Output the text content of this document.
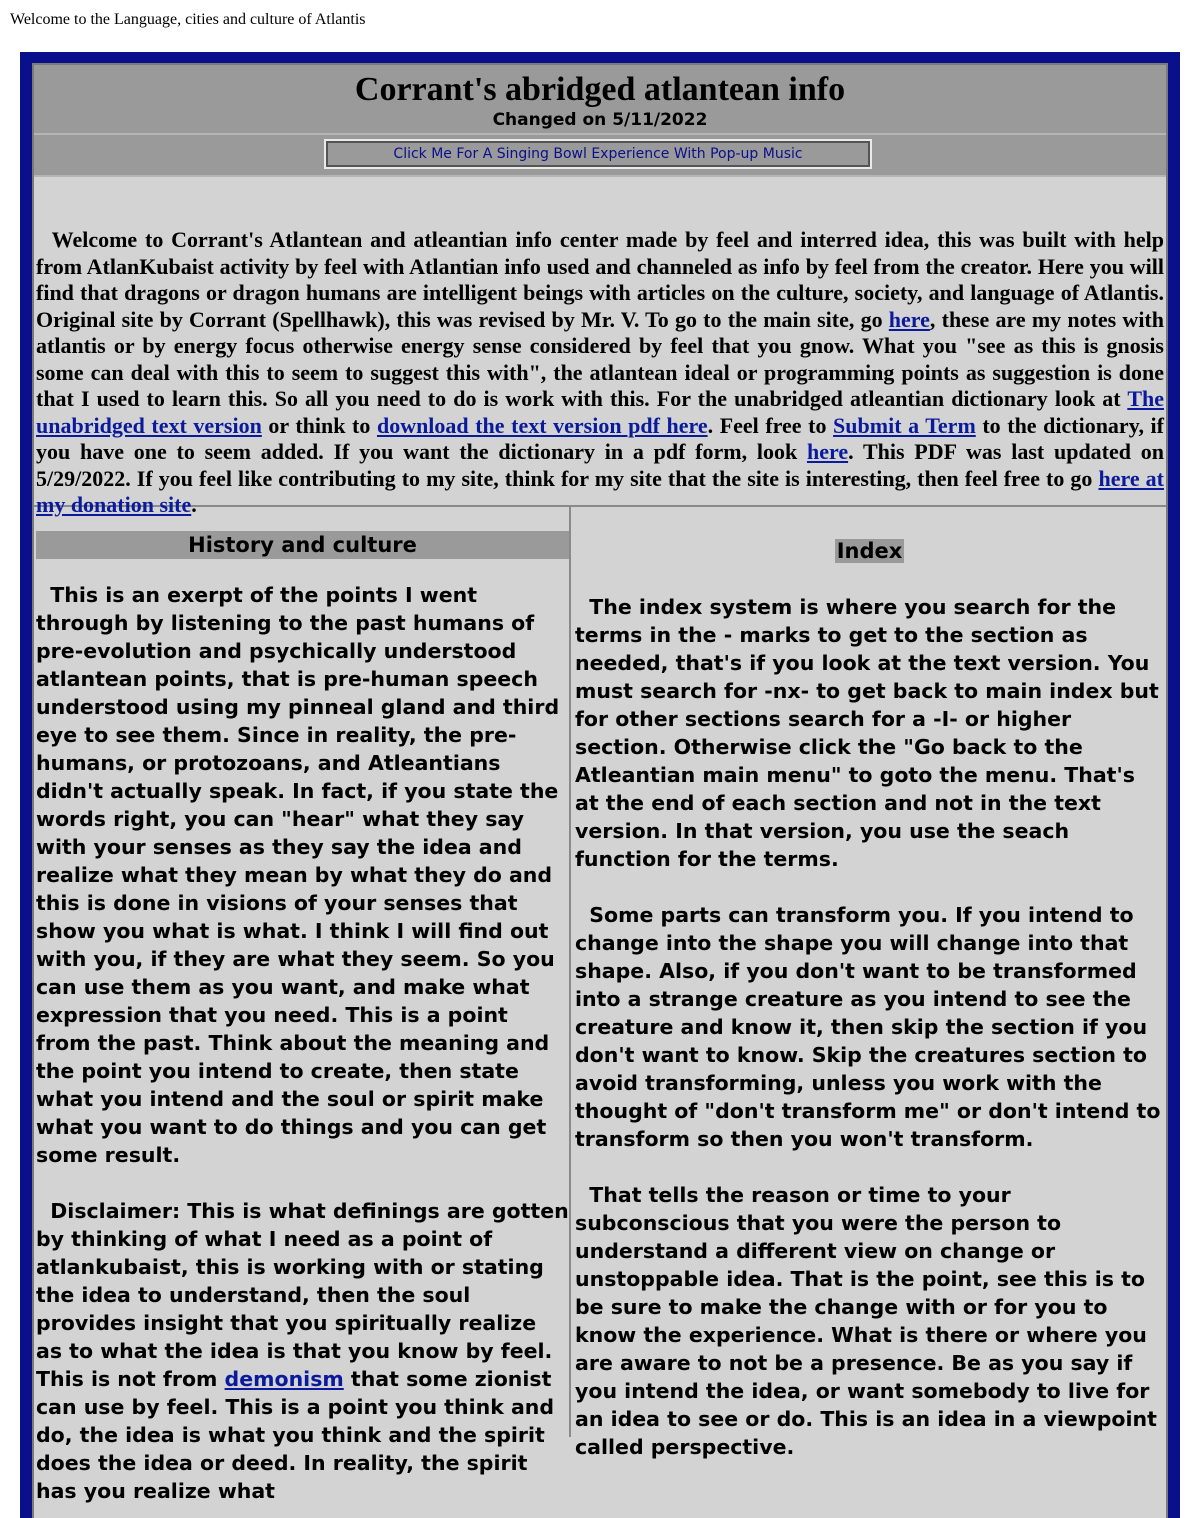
Welcome to the Language, cities and culture of Atlantis
Corrant's abridged atlantean info
Changed on 5/11/2022
Click Me For A Singing Bowl Experience With Pop-up Music
Welcome to Corrant's Atlantean and atleantian info center made by feel and interred idea, this was built with help from AtlanKubaist activity by feel with Atlantian info used and channeled as info by feel from the creator. Here you will find that dragons or dragon humans are intelligent beings with articles on the culture, society, and language of Atlantis. Original site by Corrant (Spellhawk), this was revised by Mr. V. To go to the main site, go here, these are my notes with atlantis or by energy focus otherwise energy sense considered by feel that you gnow. What you "see as this is gnosis some can deal with this to seem to suggest this with", the atlantean ideal or programming points as suggestion is done that I used to learn this. So all you need to do is work with this. For the unabridged atleantian dictionary look at The unabridged text version or think to download the text version pdf here. Feel free to Submit a Term to the dictionary, if you have one to seem added. If you want the dictionary in a pdf form, look here. This PDF was last updated on 5/29/2022. If you feel like contributing to my site, think for my site that the site is interesting, then feel free to go here at my donation site.
History and culture

This is an exerpt of the points I went through by listening to the past humans of pre-evolution and psychically understood atlantean points, that is pre-human speech understood using my pinneal gland and third eye to see them. Since in reality, the pre-humans, or protozoans, and Atleantians didn't actually speak. In fact, if you state the words right, you can "hear" what they say with your senses as they say the idea and realize what they mean by what they do and this is done in visions of your senses that show you what is what. I think I will find out with you, if they are what they seem. So you can use them as you want, and make what expression that you need. This is a point from the past. Think about the meaning and the point you intend to create, then state what you intend and the soul or spirit make what you want to do things and you can get some result.

Disclaimer: This is what definings are gotten by thinking of what I need as a point of atlankubaist, this is working with or stating the idea to understand, then the soul provides insight that you spiritually realize as to what the idea is that you know by feel. This is not from demonism that some zionist can use by feel. This is a point you think and do, the idea is what you think and the spirit does the idea or deed. In reality, the spirit has you realize what

Index

The index system is where you search for the terms in the - marks to get to the section as needed, that's if you look at the text version. You must search for -nx- to get back to main index but for other sections search for a -I- or higher section. Otherwise click the "Go back to the Atleantian main menu" to goto the menu. That's at the end of each section and not in the text version. In that version, you use the seach function for the terms.

Some parts can transform you. If you intend to change into the shape you will change into that shape. Also, if you don't want to be transformed into a strange creature as you intend to see the creature and know it, then skip the section if you don't want to know. Skip the creatures section to avoid transforming, unless you work with the thought of "don't transform me" or don't intend to transform so then you won't transform.

That tells the reason or time to your subconscious that you were the person to understand a different view on change or unstoppable idea. That is the point, see this is to be sure to make the change with or for you to know the experience. What is there or where you are aware to not be a presence. Be as you say if you intend the idea, or want somebody to live for an idea to see or do. This is an idea in a viewpoint called perspective.
